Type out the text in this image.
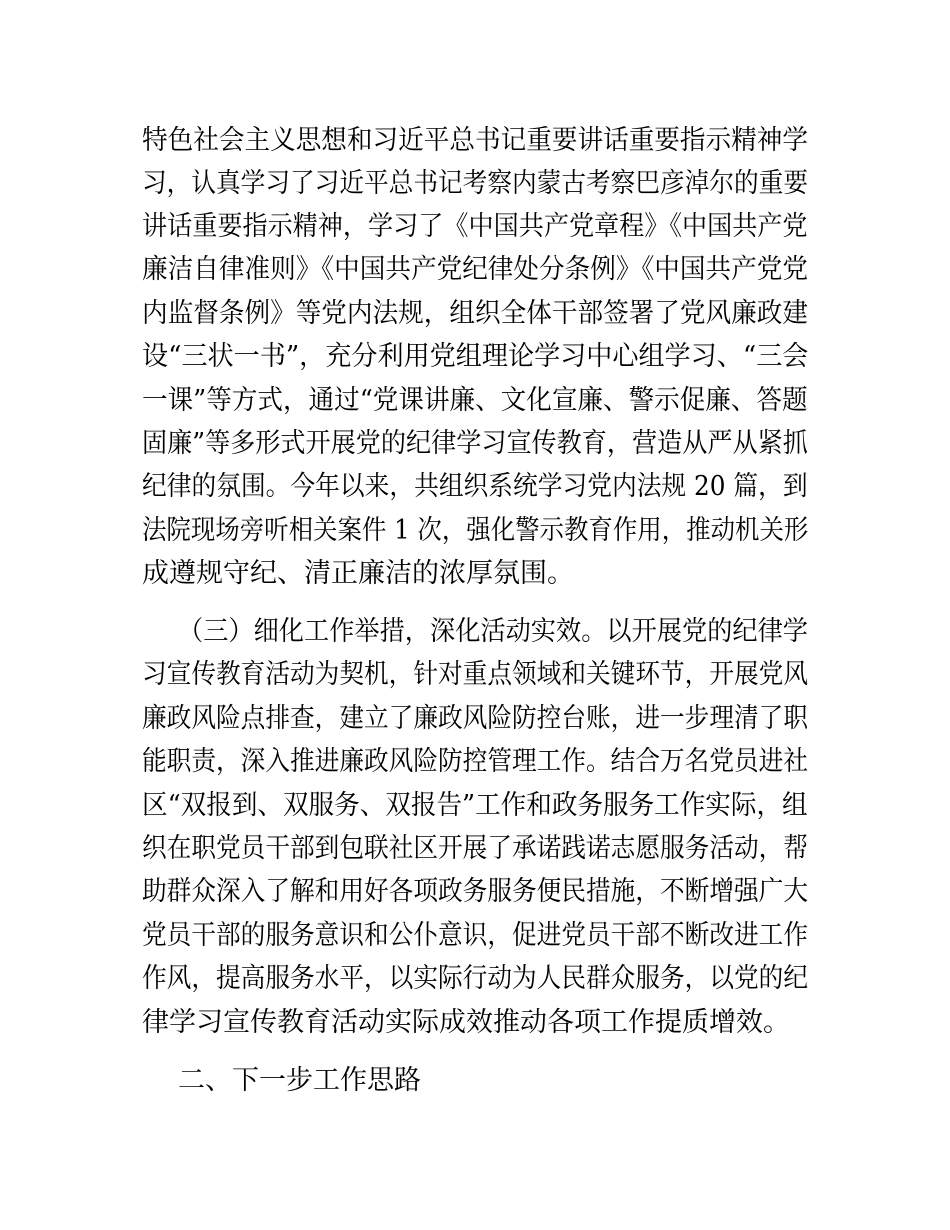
特色社会主义思想和习近平总书记重要讲话重要指示精神学
习，认真学习了习近平总书记考察内蒙古考察巴彦淖尔的重要
讲话重要指示精神，学习了《中国共产党章程》《中国共产党
廉洁自律准则》《中国共产党纪律处分条例》《中国共产党党
内监督条例》等党内法规，组织全体干部签署了党风廉政建
设“三状一书”，充分利用党组理论学习中心组学习、“三会
一课”等方式，通过“党课讲廉、文化宣廉、警示促廉、答题
固廉”等多形式开展党的纪律学习宣传教育，营造从严从紧抓
纪律的氛围。今年以来，共组织系统学习党内法规 20 篇，到
法院现场旁听相关案件 1 次，强化警示教育作用，推动机关形
成遵规守纪、清正廉洁的浓厚氛围。
（三）细化工作举措，深化活动实效。以开展党的纪律学
习宣传教育活动为契机，针对重点领域和关键环节，开展党风
廉政风险点排查，建立了廉政风险防控台账，进一步理清了职
能职责，深入推进廉政风险防控管理工作。结合万名党员进社
区“双报到、双服务、双报告”工作和政务服务工作实际，组
织在职党员干部到包联社区开展了承诺践诺志愿服务活动，帮
助群众深入了解和用好各项政务服务便民措施，不断增强广大
党员干部的服务意识和公仆意识，促进党员干部不断改进工作
作风，提高服务水平，以实际行动为人民群众服务，以党的纪
律学习宣传教育活动实际成效推动各项工作提质增效。
二、下一步工作思路
